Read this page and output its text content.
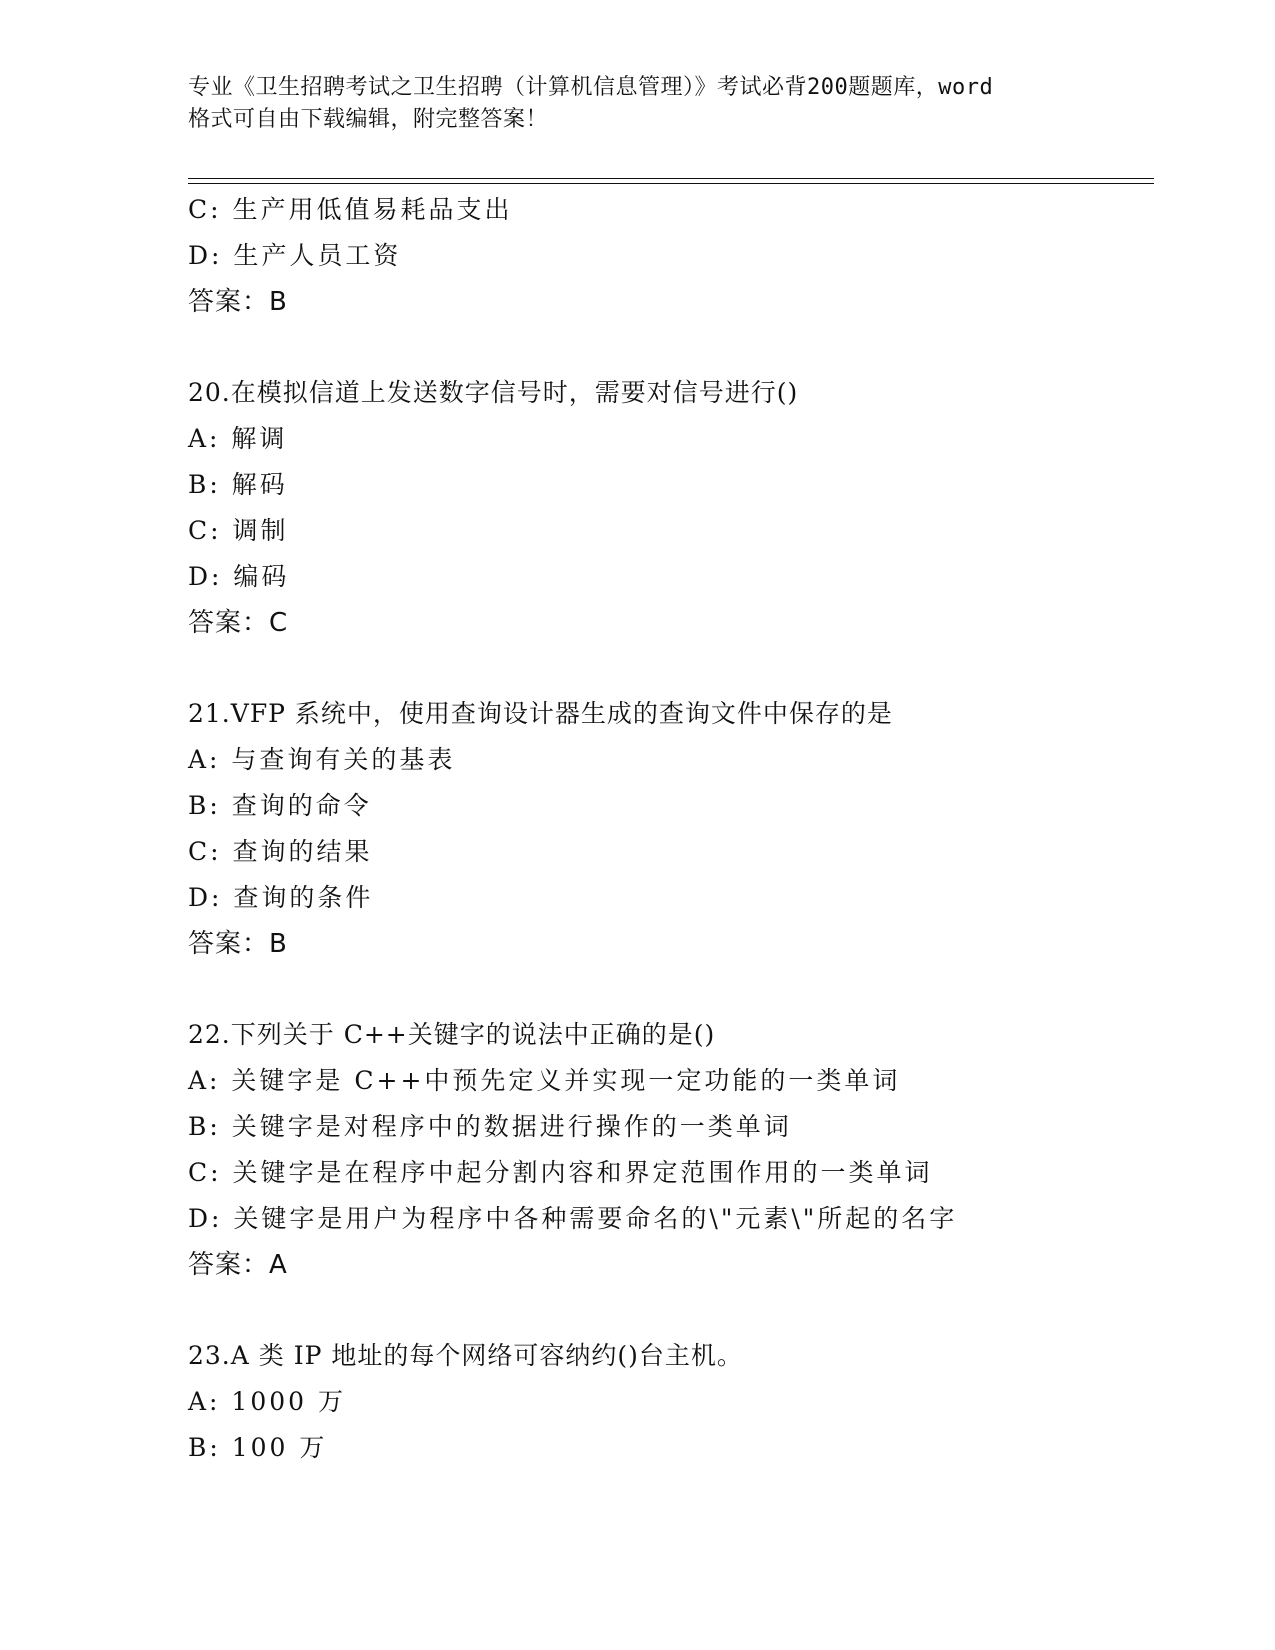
专业《卫生招聘考试之卫生招聘（计算机信息管理）》考试必背200题题库，word

格式可自由下载编辑，附完整答案！

C: 生产用低值易耗品支出
D: 生产人员工资
答案：B
20.在模拟信道上发送数字信号时，需要对信号进行()
A: 解调
B: 解码
C: 调制
D: 编码
答案：C
21.VFP 系统中，使用查询设计器生成的查询文件中保存的是
A: 与查询有关的基表
B: 查询的命令
C: 查询的结果
D: 查询的条件
答案：B
22.下列关于 C++关键字的说法中正确的是()
A: 关键字是 C++中预先定义并实现一定功能的一类单词
B: 关键字是对程序中的数据进行操作的一类单词
C: 关键字是在程序中起分割内容和界定范围作用的一类单词
D: 关键字是用户为程序中各种需要命名的\"元素\"所起的名字
答案：A
23.A 类 IP 地址的每个网络可容纳约()台主机。
A: 1000 万
B: 100 万
